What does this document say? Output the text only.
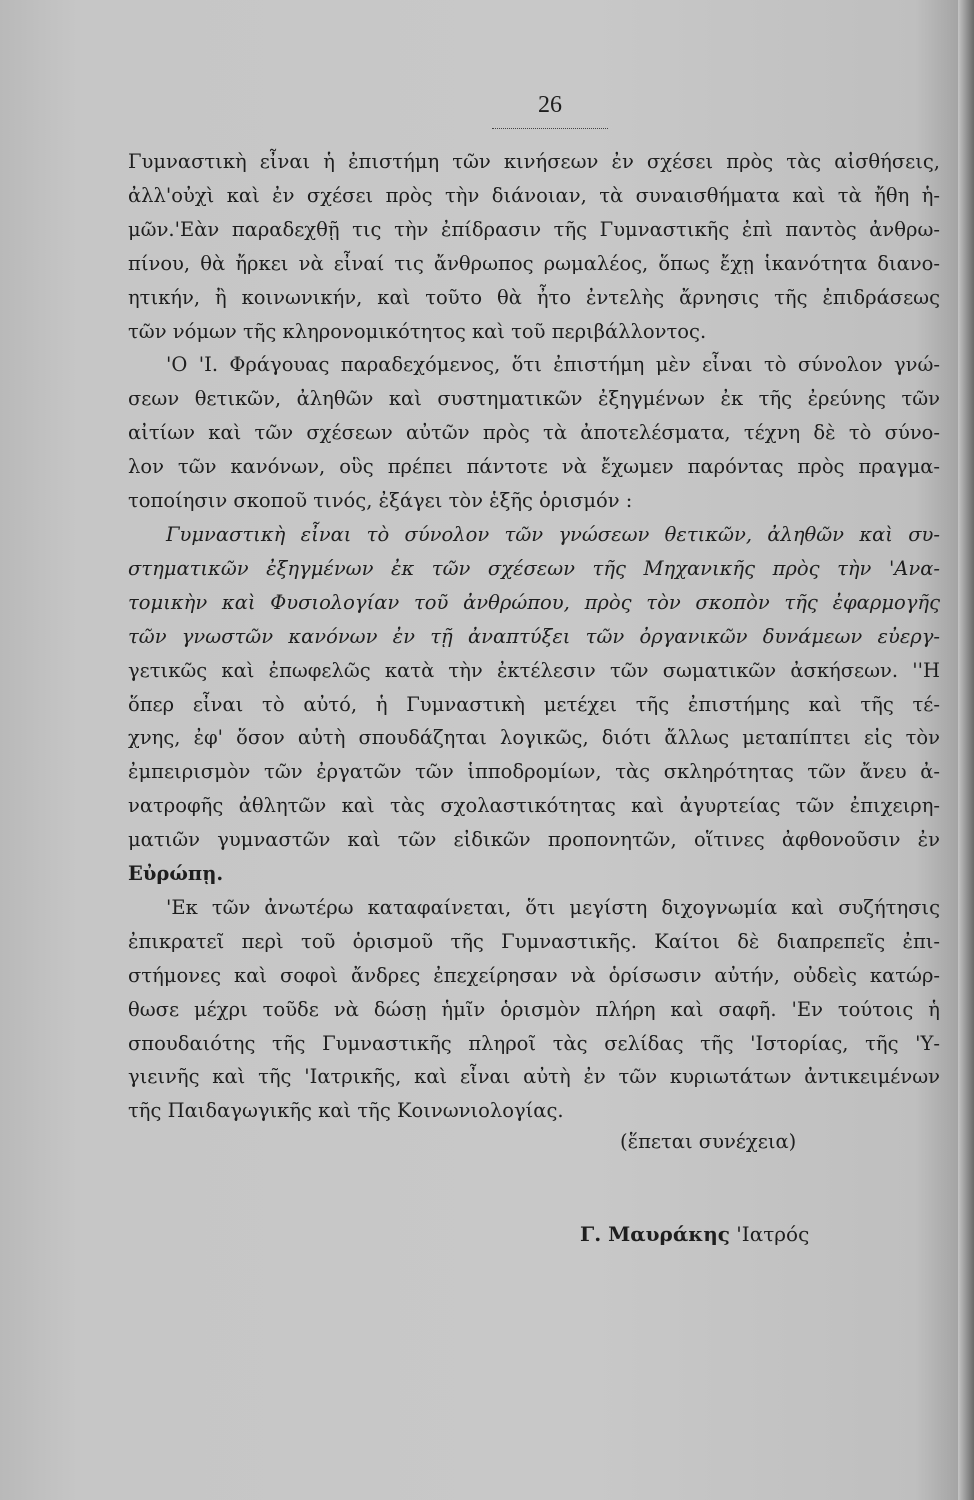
26

Γυμναστικὴ εἶναι ἡ ἐπιστήμη τῶν κινήσεων ἐν σχέσει πρὸς τὰς αἰσθήσεις,

ἀλλ'οὐχὶ καὶ ἐν σχέσει πρὸς τὴν διάνοιαν, τὰ συναισθήματα καὶ τὰ ἤθη ἡ-

μῶν.'Εὰν παραδεχθῇ τις τὴν ἐπίδρασιν τῆς Γυμναστικῆς ἐπὶ παντὸς ἀνθρω-

πίνου, θὰ ἤρκει νὰ εἶναί τις ἄνθρωπος ρωμαλέος, ὅπως ἔχῃ ἱκανότητα διανο-

ητικήν, ἢ κοινωνικήν, καὶ τοῦτο θὰ ἦτο ἐντελὴς ἄρνησις τῆς ἐπιδράσεως

τῶν νόμων τῆς κληρονομικότητος καὶ τοῦ περιβάλλοντος.

'Ο 'Ι. Φράγουας παραδεχόμενος, ὅτι ἐπιστήμη μὲν εἶναι τὸ σύνολον γνώ-

σεων θετικῶν, ἀληθῶν καὶ συστηματικῶν ἐξηγμένων ἐκ τῆς ἐρεύνης τῶν

αἰτίων καὶ τῶν σχέσεων αὐτῶν πρὸς τὰ ἀποτελέσματα, τέχνη δὲ τὸ σύνο-

λον τῶν κανόνων, οὓς πρέπει πάντοτε νὰ ἔχωμεν παρόντας πρὸς πραγμα-

τοποίησιν σκοποῦ τινός, ἐξάγει τὸν ἑξῆς ὁρισμόν :

Γυμναστικὴ εἶναι τὸ σύνολον τῶν γνώσεων θετικῶν, ἀληθῶν καὶ συ-

στηματικῶν ἐξηγμένων ἐκ τῶν σχέσεων τῆς Μηχανικῆς πρὸς τὴν 'Ανα-

τομικὴν καὶ Φυσιολογίαν τοῦ ἀνθρώπου, πρὸς τὸν σκοπὸν τῆς ἐφαρμογῆς

τῶν γνωστῶν κανόνων ἐν τῇ ἀναπτύξει τῶν ὀργανικῶν δυνάμεων εὐεργ-

γετικῶς καὶ ἐπωφελῶς κατὰ τὴν ἐκτέλεσιν τῶν σωματικῶν ἀσκήσεων. ''Η

ὅπερ εἶναι τὸ αὐτό, ἡ Γυμναστικὴ μετέχει τῆς ἐπιστήμης καὶ τῆς τέ-

χνης, ἐφ' ὅσον αὐτὴ σπουδάζηται λογικῶς, διότι ἄλλως μεταπίπτει εἰς τὸν

ἐμπειρισμὸν τῶν ἐργατῶν τῶν ἱπποδρομίων, τὰς σκληρότητας τῶν ἄνευ ἀ-

νατροφῆς ἀθλητῶν καὶ τὰς σχολαστικότητας καὶ ἀγυρτείας τῶν ἐπιχειρη-

ματιῶν γυμναστῶν καὶ τῶν εἰδικῶν προπονητῶν, οἵτινες ἀφθονοῦσιν ἐν

Εὐρώπῃ.

'Εκ τῶν ἀνωτέρω καταφαίνεται, ὅτι μεγίστη διχογνωμία καὶ συζήτησις

ἐπικρατεῖ περὶ τοῦ ὁρισμοῦ τῆς Γυμναστικῆς. Καίτοι δὲ διαπρεπεῖς ἐπι-

στήμονες καὶ σοφοὶ ἄνδρες ἐπεχείρησαν νὰ ὁρίσωσιν αὐτήν, οὐδεὶς κατώρ-

θωσε μέχρι τοῦδε νὰ δώσῃ ἡμῖν ὁρισμὸν πλήρη καὶ σαφῆ. 'Εν τούτοις ἡ

σπουδαιότης τῆς Γυμναστικῆς πληροῖ τὰς σελίδας τῆς 'Ιστορίας, τῆς 'Υ-

γιεινῆς καὶ τῆς 'Ιατρικῆς, καὶ εἶναι αὐτὴ ἐν τῶν κυριωτάτων ἀντικειμένων

τῆς Παιδαγωγικῆς καὶ τῆς Κοινωνιολογίας.

(ἕπεται συνέχεια)
Γ. Μαυράκης 'Ιατρός
